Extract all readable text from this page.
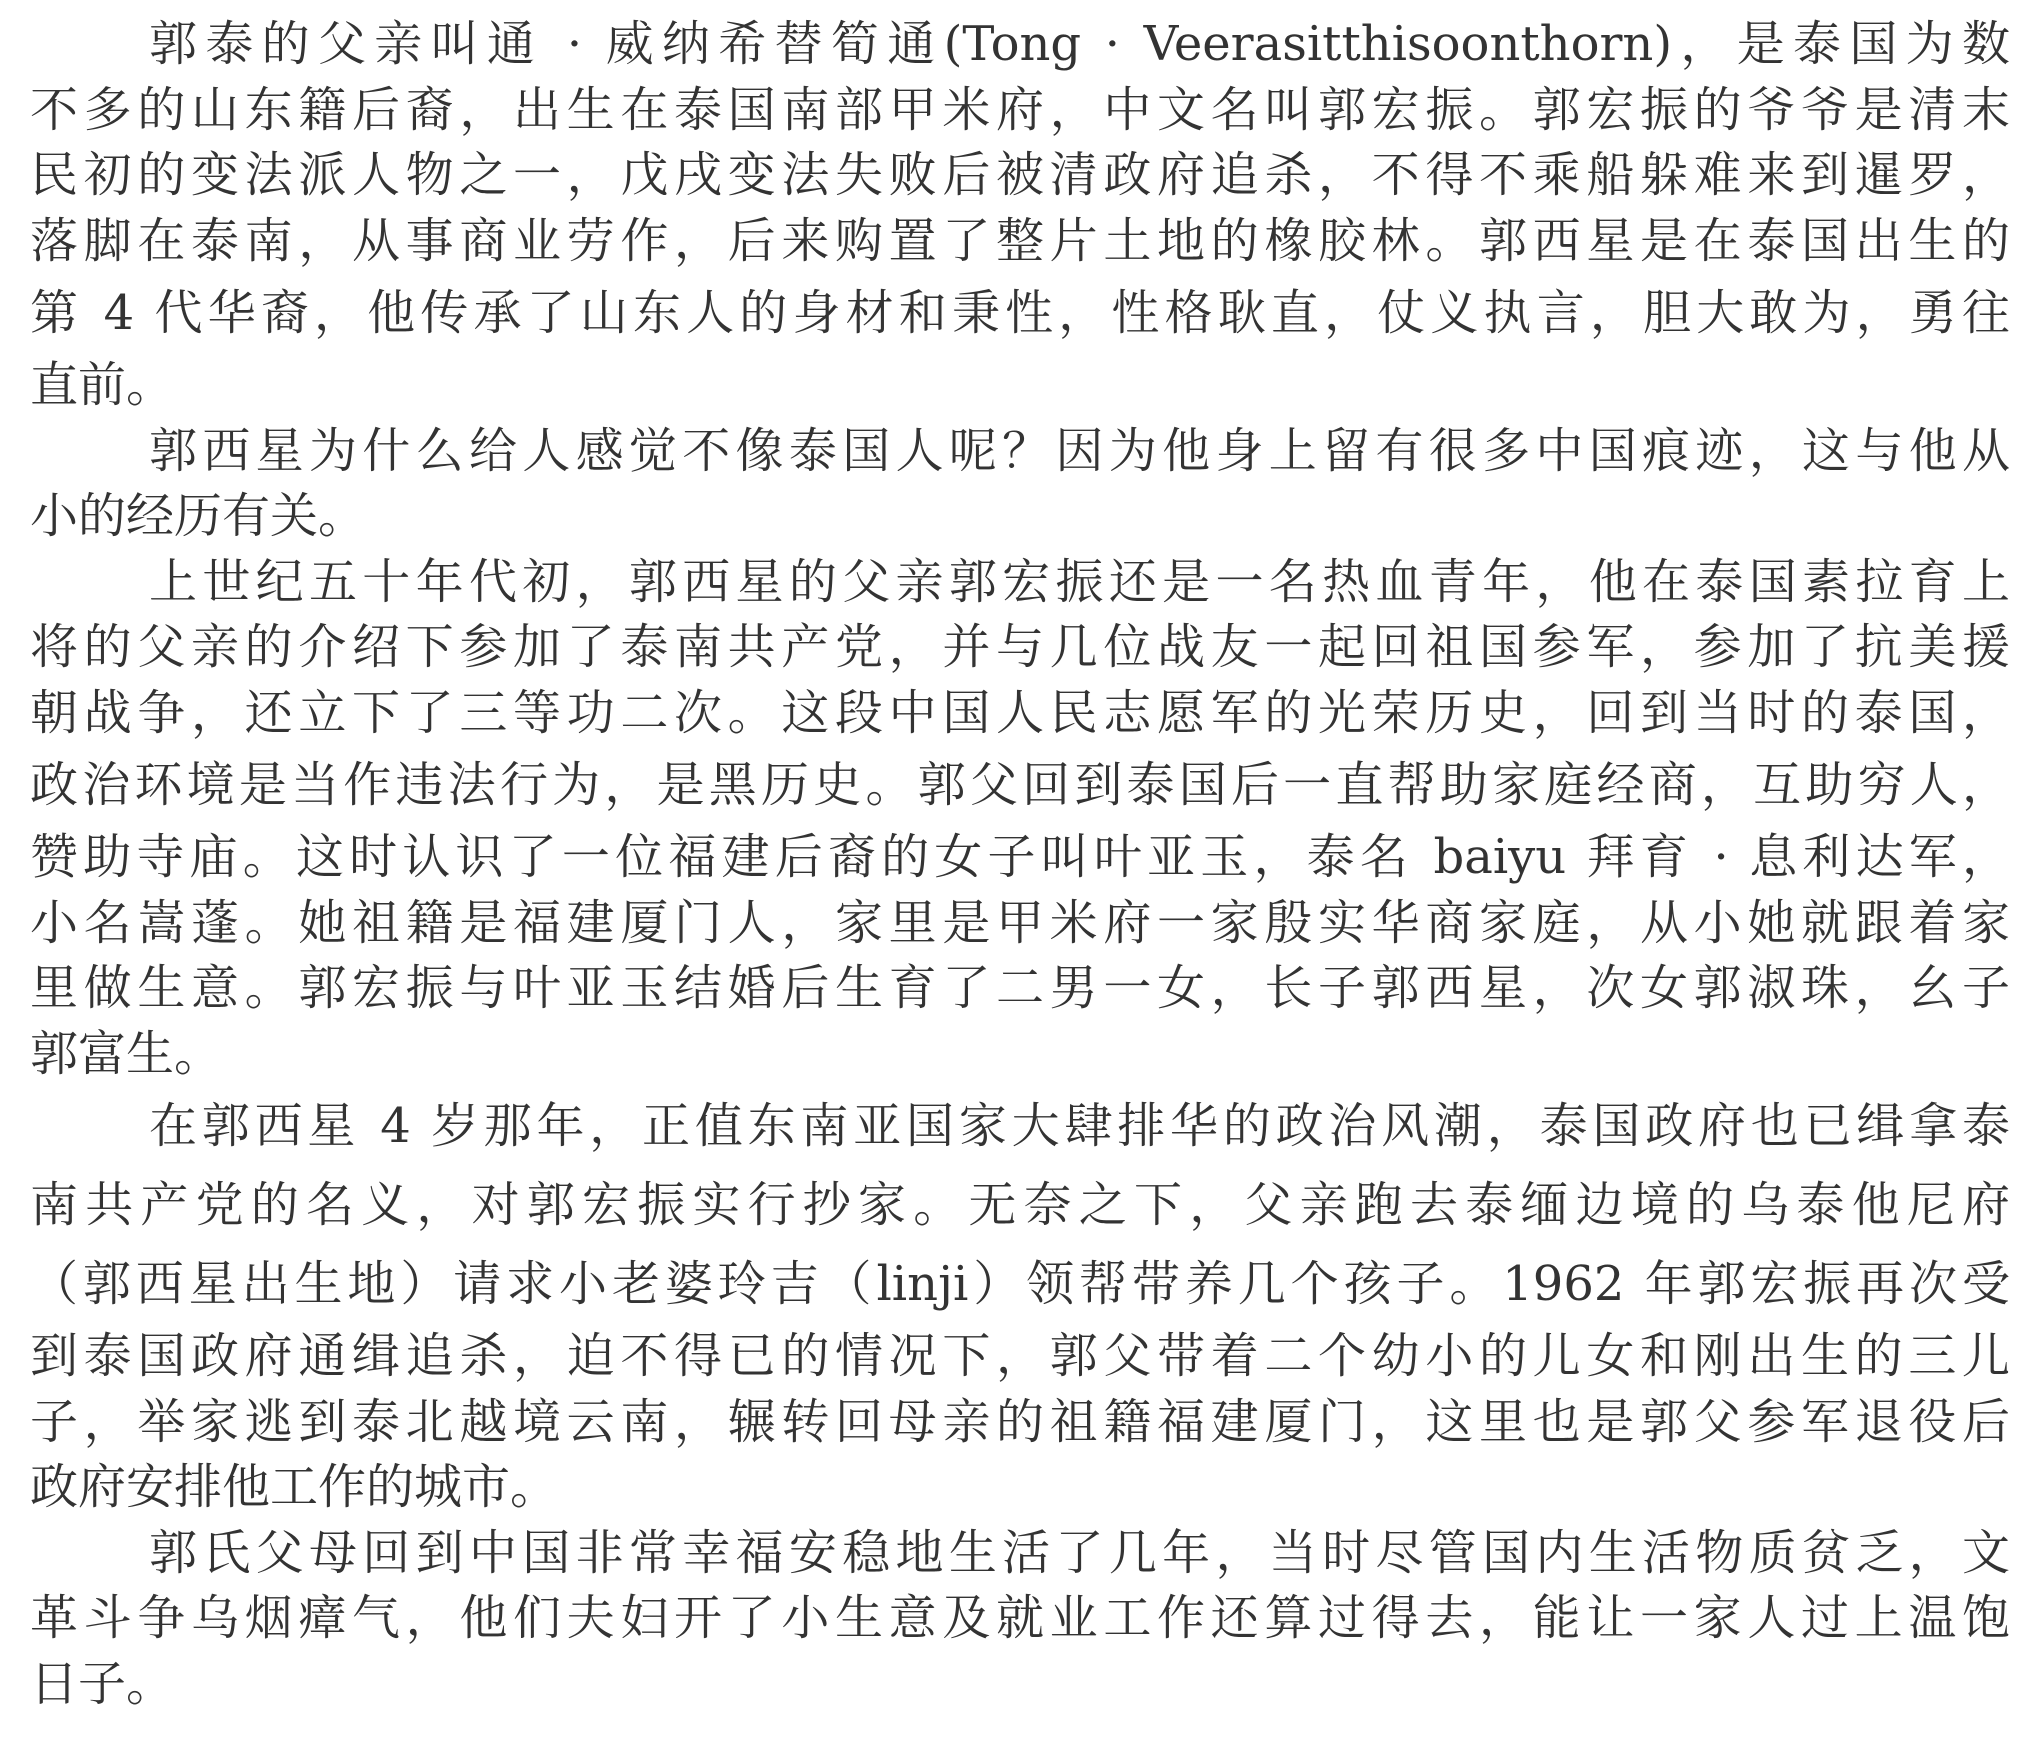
郭泰的父亲叫通 · 威纳希替筍通(Tong · Veerasitthisoonthorn)，是泰国为数
不多的山东籍后裔，出生在泰国南部甲米府，中文名叫郭宏振。郭宏振的爷爷是清末
民初的变法派人物之一，戊戌变法失败后被清政府追杀，不得不乘船躲难来到暹罗，
落脚在泰南，从事商业劳作，后来购置了整片土地的橡胶林。郭西星是在泰国出生的
第 4 代华裔，他传承了山东人的身材和秉性，性格耿直，仗义执言，胆大敢为，勇往
直前。
郭西星为什么给人感觉不像泰国人呢？因为他身上留有很多中国痕迹，这与他从
小的经历有关。
上世纪五十年代初，郭西星的父亲郭宏振还是一名热血青年，他在泰国素拉育上
将的父亲的介绍下参加了泰南共产党，并与几位战友一起回祖国参军，参加了抗美援
朝战争，还立下了三等功二次。这段中国人民志愿军的光荣历史，回到当时的泰国，
政治环境是当作违法行为，是黑历史。郭父回到泰国后一直帮助家庭经商，互助穷人，
赞助寺庙。这时认识了一位福建后裔的女子叫叶亚玉，泰名 baiyu 拜育 · 息利达军，
小名嵩蓬。她祖籍是福建厦门人，家里是甲米府一家殷实华商家庭，从小她就跟着家
里做生意。郭宏振与叶亚玉结婚后生育了二男一女，长子郭西星，次女郭淑珠，幺子
郭富生。
在郭西星 4 岁那年，正值东南亚国家大肆排华的政治风潮，泰国政府也已缉拿泰
南共产党的名义，对郭宏振实行抄家。无奈之下，父亲跑去泰缅边境的乌泰他尼府
（郭西星出生地）请求小老婆玲吉（linji）领帮带养几个孩子。1962 年郭宏振再次受
到泰国政府通缉追杀，迫不得已的情况下，郭父带着二个幼小的儿女和刚出生的三儿
子，举家逃到泰北越境云南，辗转回母亲的祖籍福建厦门，这里也是郭父参军退役后
政府安排他工作的城市。
郭氏父母回到中国非常幸福安稳地生活了几年，当时尽管国内生活物质贫乏，文
革斗争乌烟瘴气，他们夫妇开了小生意及就业工作还算过得去，能让一家人过上温饱
日子。
